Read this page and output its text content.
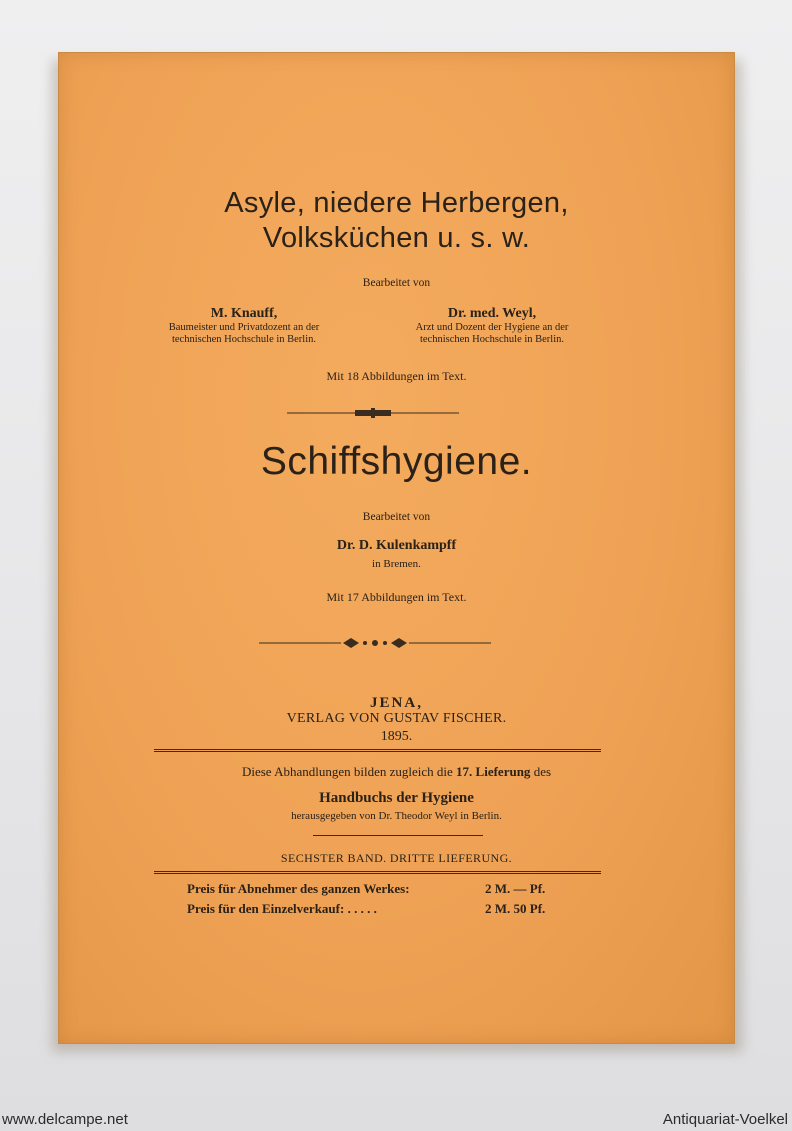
Asyle, niedere Herbergen,
Volksküchen u. s. w.
Bearbeitet von
M. Knauff,
Baumeister und Privatdozent an der
technischen Hochschule in Berlin.
Dr. med. Weyl,
Arzt und Dozent der Hygiene an der
technischen Hochschule in Berlin.
Mit 18 Abbildungen im Text.
Schiffshygiene.
Bearbeitet von
Dr. D. Kulenkampff
in Bremen.
Mit 17 Abbildungen im Text.
JENA,
VERLAG VON GUSTAV FISCHER.
1895.
Diese Abhandlungen bilden zugleich die 17. Lieferung des
Handbuchs der Hygiene
herausgegeben von Dr. Theodor Weyl in Berlin.
SECHSTER BAND. DRITTE LIEFERUNG.
Preis für Abnehmer des ganzen Werkes:	2 M. — Pf.
Preis für den Einzelverkauf: . . . . .	2 M. 50 Pf.
www.delcampe.net	Antiquariat-Voelkel
